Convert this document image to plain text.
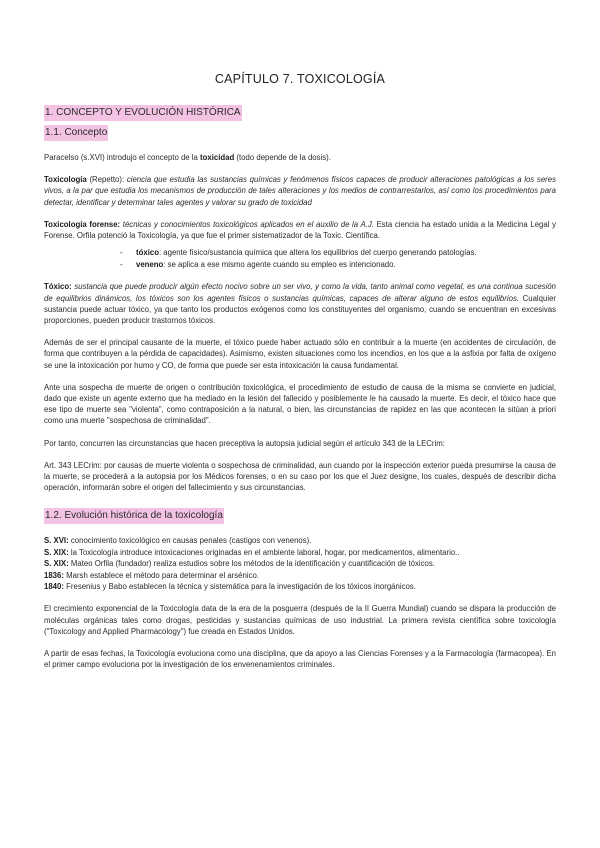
CAPÍTULO 7. TOXICOLOGÍA
1. CONCEPTO Y EVOLUCIÓN HISTÓRICA
1.1. Concepto

Paracelso (s.XVI) introdujo el concepto de la toxicidad (todo depende de la dosis).

Toxicología (Repetto): ciencia que estudia las sustancias químicas y fenómenos físicos capaces de producir alteraciones patológicas a los seres vivos, a la par que estudia los mecanismos de producción de tales alteraciones y los medios de contrarrestarlos, así como los procedimientos para detectar, identificar y determinar tales agentes y valorar su grado de toxicidad

Toxicología forense: técnicas y conocimientos toxicológicos aplicados en el auxilio de la A.J. Esta ciencia ha estado unida a la Medicina Legal y Forense. Orfila potenció la Toxicología, ya que fue el primer sistematizador de la Toxic. Científica.

- tóxico: agente físico/sustancia química que altera los equilibrios del cuerpo generando patologías.
- veneno: se aplica a ese mismo agente cuando su empleo es intencionado.

Tóxico: sustancia que puede producir algún efecto nocivo sobre un ser vivo, y como la vida, tanto animal como vegetal, es una continua sucesión de equilibrios dinámicos, los tóxicos son los agentes físicos o sustancias químicas, capaces de alterar alguno de estos equilibrios. Cualquier sustancia puede actuar tóxico, ya que tanto los productos exógenos como los constituyentes del organismo, cuando se encuentran en excesivas proporciones, pueden producir trastornos tóxicos.

Además de ser el principal causante de la muerte, el tóxico puede haber actuado sólo en contribuir a la muerte (en accidentes de circulación, de forma que contribuyen a la pérdida de capacidades). Asimismo, existen situaciones como los incendios, en los que a la asfixia por falta de oxígeno se une la intoxicación por humo y CO, de forma que puede ser esta intoxicación la causa fundamental.

Ante una sospecha de muerte de origen o contribución toxicológica, el procedimiento de estudio de causa de la misma se convierte en judicial, dado que existe un agente externo que ha mediado en la lesión del fallecido y posiblemente le ha causado la muerte. Es decir, el tóxico hace que ese tipo de muerte sea "violenta", como contraposición a la natural, o bien, las circunstancias de rapidez en las que acontecen la sitúan a priori como una muerte "sospechosa de criminalidad".

Por tanto, concurren las circunstancias que hacen preceptiva la autopsia judicial según el artículo 343 de la LECrim:

Art. 343 LECrim: por causas de muerte violenta o sospechosa de criminalidad, aun cuando por la inspección exterior pueda presumirse la causa de la muerte, se procederá a la autopsia por los Médicos forenses, o en su caso por los que el Juez designe, los cuales, después de describir dicha operación, informarán sobre el origen del fallecimiento y sus circunstancias.

1.2. Evolución histórica de la toxicología

S. XVI: conocimiento toxicológico en causas penales (castigos con venenos).

S. XIX: la Toxicología introduce intoxicaciones originadas en el ambiente laboral, hogar, por medicamentos, alimentario..

S. XIX: Mateo Orfila (fundador) realiza estudios sobre los métodos de la identificación y cuantificación de tóxicos.

1836: Marsh establece el método para determinar el arsénico.

1840: Fresenius y Babo establecen la técnica y sistemática para la investigación de los tóxicos inorgánicos.

El crecimiento exponencial de la Toxicología data de la era de la posguerra (después de la II Guerra Mundial) cuando se dispara la producción de moléculas orgánicas tales como drogas, pesticidas y sustancias químicas de uso industrial. La primera revista científica sobre toxicología ("Toxicology and Applied Pharmacology") fue creada en Estados Unidos.

A partir de esas fechas, la Toxicología evoluciona como una disciplina, que da apoyo a las Ciencias Forenses y a la Farmacología (farmacopea). En el primer campo evoluciona por la investigación de los envenenamientos criminales.
